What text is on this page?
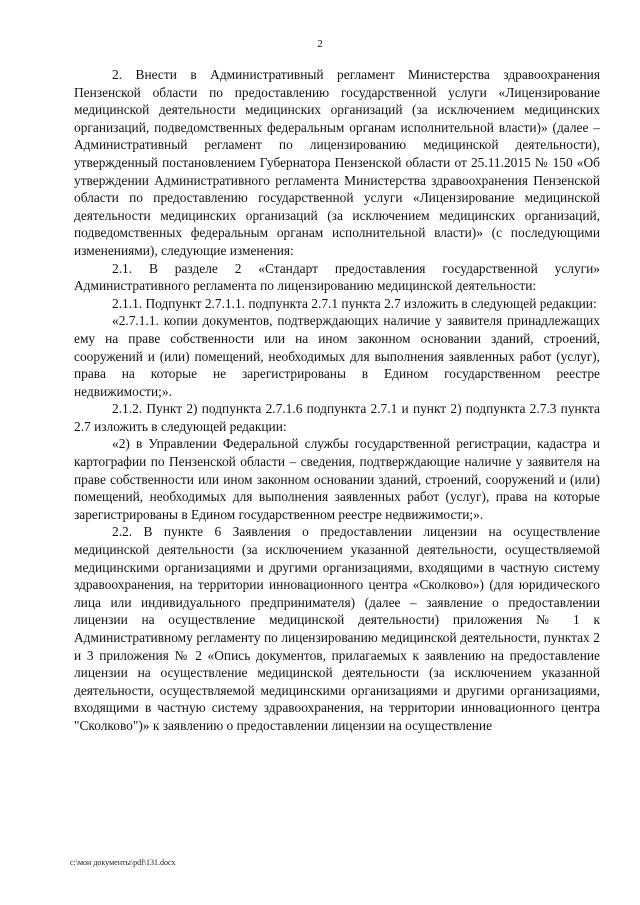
2

2. Внести в Административный регламент Министерства здравоохранения Пензенской области по предоставлению государственной услуги «Лицензирование медицинской деятельности медицинских организаций (за исключением медицинских организаций, подведомственных федеральным органам исполнительной власти)» (далее – Административный регламент по лицензированию медицинской деятельности), утвержденный постановлением Губернатора Пензенской области от 25.11.2015 № 150 «Об утверждении Административного регламента Министерства здравоохранения Пензенской области по предоставлению государственной услуги «Лицензирование медицинской деятельности медицинских организаций (за исключением медицинских организаций, подведомственных федеральным органам исполнительной власти)» (с последующими изменениями), следующие изменения:

2.1. В разделе 2 «Стандарт предоставления государственной услуги» Административного регламента по лицензированию медицинской деятельности:

2.1.1. Подпункт 2.7.1.1. подпункта 2.7.1 пункта 2.7 изложить в следующей редакции:

«2.7.1.1. копии документов, подтверждающих наличие у заявителя принадлежащих ему на праве собственности или на ином законном основании зданий, строений, сооружений и (или) помещений, необходимых для выполнения заявленных работ (услуг), права на которые не зарегистрированы в Едином государственном реестре недвижимости;».

2.1.2. Пункт 2) подпункта 2.7.1.6 подпункта 2.7.1 и пункт 2) подпункта 2.7.3 пункта 2.7 изложить в следующей редакции:

«2) в Управлении Федеральной службы государственной регистрации, кадастра и картографии по Пензенской области – сведения, подтверждающие наличие у заявителя на праве собственности или ином законном основании зданий, строений, сооружений и (или) помещений, необходимых для выполнения заявленных работ (услуг), права на которые зарегистрированы в Едином государственном реестре недвижимости;».

2.2. В пункте 6 Заявления о предоставлении лицензии на осуществление медицинской деятельности (за исключением указанной деятельности, осуществляемой медицинскими организациями и другими организациями, входящими в частную систему здравоохранения, на территории инновационного центра «Сколково») (для юридического лица или индивидуального предпринимателя) (далее – заявление о предоставлении лицензии на осуществление медицинской деятельности) приложения № 1 к Административному регламенту по лицензированию медицинской деятельности, пунктах 2 и 3 приложения № 2 «Опись документов, прилагаемых к заявлению на предоставление лицензии на осуществление медицинской деятельности (за исключением указанной деятельности, осуществляемой медицинскими организациями и другими организациями, входящими в частную систему здравоохранения, на территории инновационного центра "Сколково")» к заявлению о предоставлении лицензии на осуществление

c:\мои документы\pdf\131.docx
